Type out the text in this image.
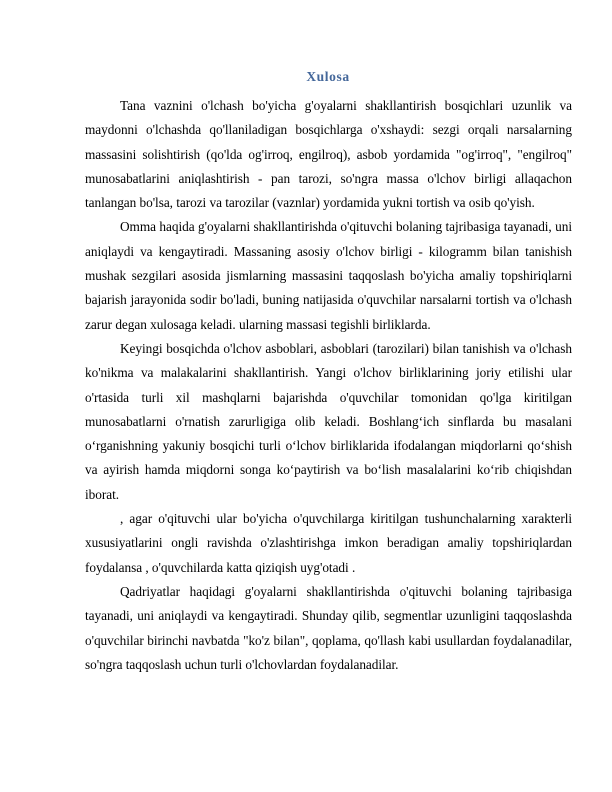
Xulosa

Tana vaznini o'lchash bo'yicha g'oyalarni shakllantirish bosqichlari uzunlik va maydonni o'lchashda qo'llaniladigan bosqichlarga o'xshaydi: sezgi orqali narsalarning massasini solishtirish (qo'lda og'irroq, engilroq), asbob yordamida "og'irroq", "engilroq" munosabatlarini aniqlashtirish - pan tarozi, so'ngra massa o'lchov birligi allaqachon tanlangan bo'lsa, tarozi va tarozilar (vaznlar) yordamida yukni tortish va osib qo'yish.

Omma haqida g'oyalarni shakllantirishda o'qituvchi bolaning tajribasiga tayanadi, uni aniqlaydi va kengaytiradi. Massaning asosiy o'lchov birligi - kilogramm bilan tanishish mushak sezgilari asosida jismlarning massasini taqqoslash bo'yicha amaliy topshiriqlarni bajarish jarayonida sodir bo'ladi, buning natijasida o'quvchilar narsalarni tortish va o'lchash zarur degan xulosaga keladi. ularning massasi tegishli birliklarda.

Keyingi bosqichda o'lchov asboblari, asboblari (tarozilari) bilan tanishish va o'lchash ko'nikma va malakalarini shakllantirish. Yangi o'lchov birliklarining joriy etilishi ular o'rtasida turli xil mashqlarni bajarishda o'quvchilar tomonidan qo'lga kiritilgan munosabatlarni o'rnatish zarurligiga olib keladi. Boshlang‘ich sinflarda bu masalani o‘rganishning yakuniy bosqichi turli o‘lchov birliklarida ifodalangan miqdorlarni qo‘shish va ayirish hamda miqdorni songa ko‘paytirish va bo‘lish masalalarini ko‘rib chiqishdan iborat.

, agar o'qituvchi ular bo'yicha o'quvchilarga kiritilgan tushunchalarning xarakterli xususiyatlarini ongli ravishda o'zlashtirishga imkon beradigan amaliy topshiriqlardan foydalansa , o'quvchilarda katta qiziqish uyg'otadi .

Qadriyatlar haqidagi g'oyalarni shakllantirishda o'qituvchi bolaning tajribasiga tayanadi, uni aniqlaydi va kengaytiradi. Shunday qilib, segmentlar uzunligini taqqoslashda o'quvchilar birinchi navbatda "ko'z bilan", qoplama, qo'llash kabi usullardan foydalanadilar, so'ngra taqqoslash uchun turli o'lchovlardan foydalanadilar.
